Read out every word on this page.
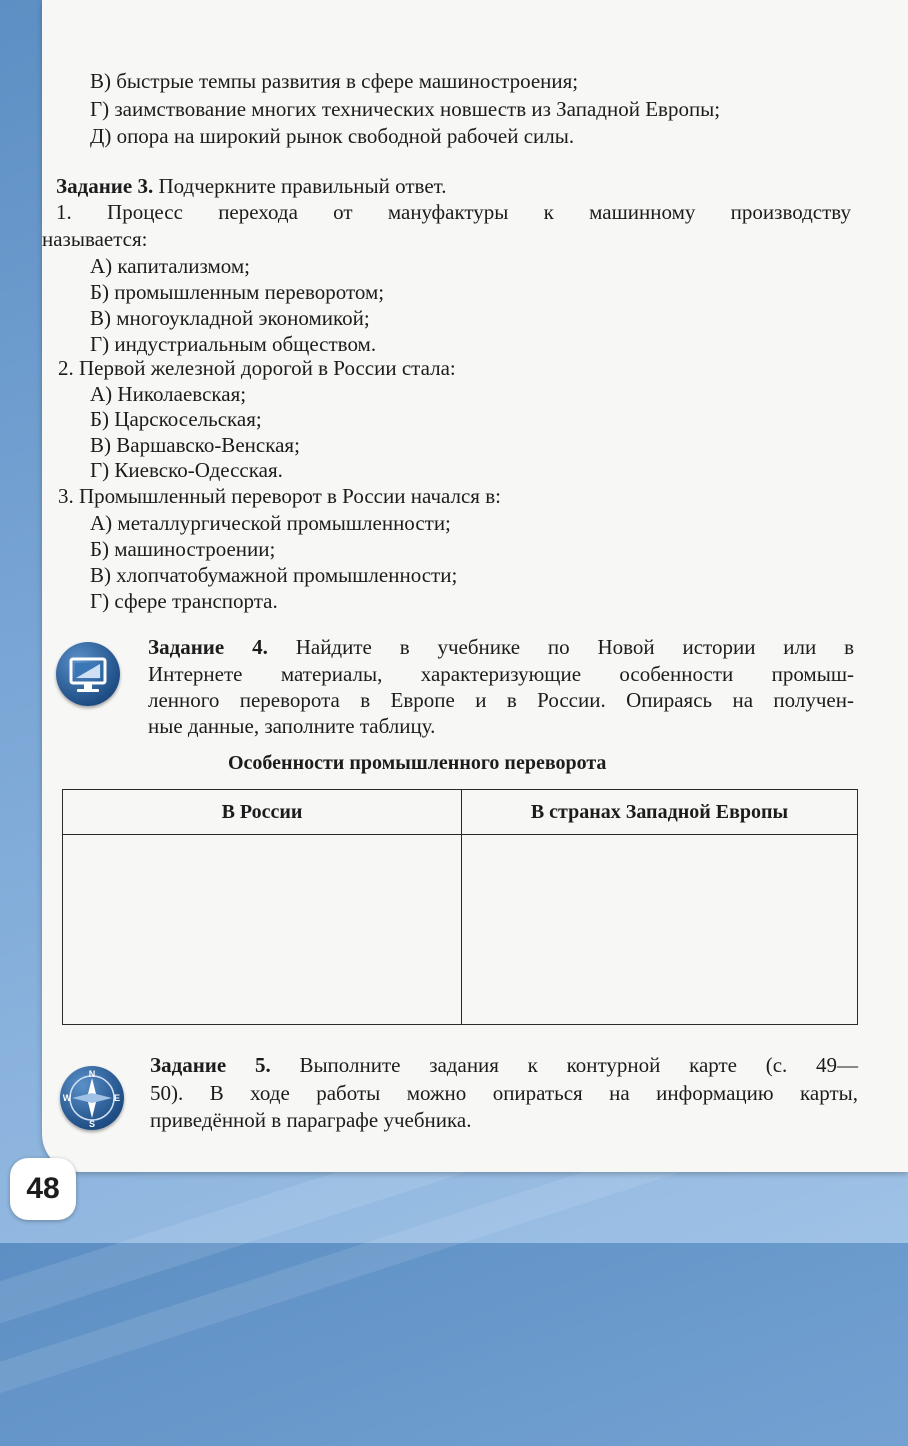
В) быстрые темпы развития в сфере машиностроения;
Г) заимствование многих технических новшеств из Западной Европы;
Д) опора на широкий рынок свободной рабочей силы.
Задание 3. Подчеркните правильный ответ.
1. Процесс перехода от мануфактуры к машинному производству
называется:
А) капитализмом;
Б) промышленным переворотом;
В) многоукладной экономикой;
Г) индустриальным обществом.
2. Первой железной дорогой в России стала:
А) Николаевская;
Б) Царскосельская;
В) Варшавско-Венская;
Г) Киевско-Одесская.
3. Промышленный переворот в России начался в:
А) металлургической промышленности;
Б) машиностроении;
В) хлопчатобумажной промышленности;
Г) сфере транспорта.
Задание 4. Найдите в учебнике по Новой истории или в
Интернете материалы, характеризующие особенности промыш-
ленного переворота в Европе и в России. Опираясь на получен-
ные данные, заполните таблицу.
Особенности промышленного переворота
В России	В странах Западной Европы

N
S
W	E
Задание 5. Выполните задания к контурной карте (с. 49—
50). В ходе работы можно опираться на информацию карты,
приведённой в параграфе учебника.
48
